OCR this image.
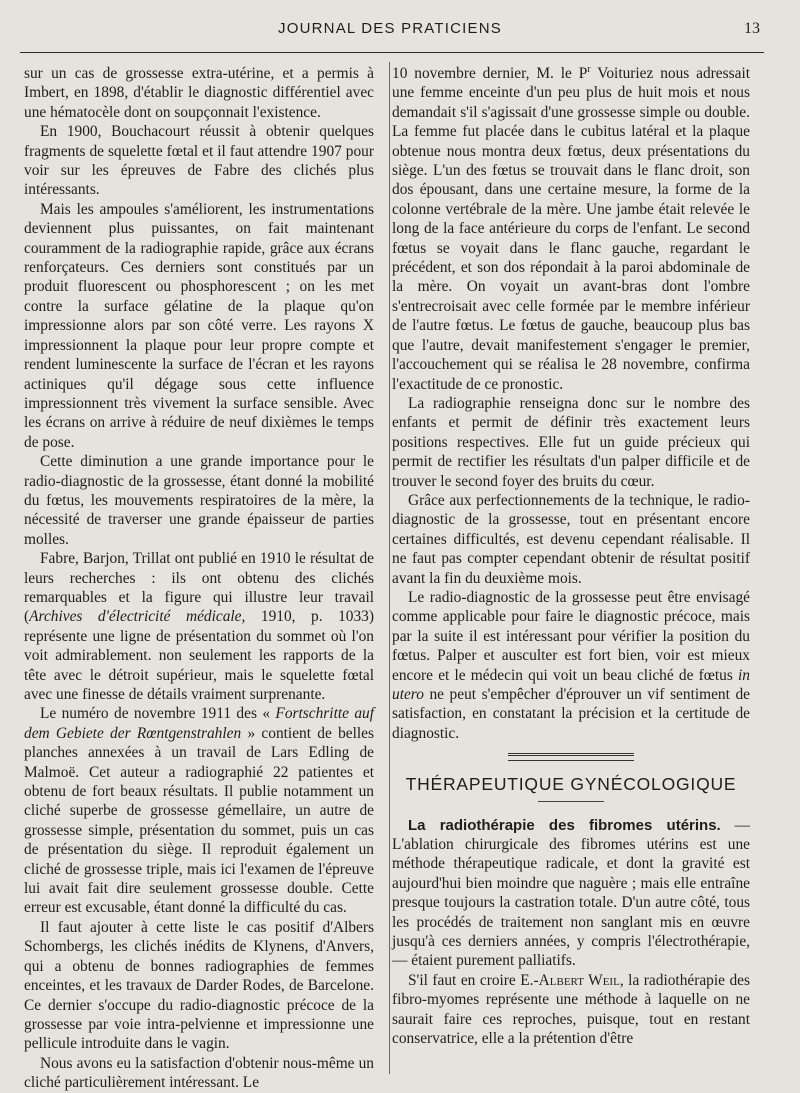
JOURNAL DES PRATICIENS	13

sur un cas de grossesse extra-utérine, et a permis à Imbert, en 1898, d'établir le diagnostic différentiel avec une hématocèle dont on soupçonnait l'existence.

En 1900, Bouchacourt réussit à obtenir quelques fragments de squelette fœtal et il faut attendre 1907 pour voir sur les épreuves de Fabre des clichés plus intéressants.

Mais les ampoules s'améliorent, les instrumentations deviennent plus puissantes, on fait maintenant couramment de la radiographie rapide, grâce aux écrans renforçateurs. Ces derniers sont constitués par un produit fluorescent ou phosphorescent ; on les met contre la surface gélatine de la plaque qu'on impressionne alors par son côté verre. Les rayons X impressionnent la plaque pour leur propre compte et rendent luminescente la surface de l'écran et les rayons actiniques qu'il dégage sous cette influence impressionnent très vivement la surface sensible. Avec les écrans on arrive à réduire de neuf dixièmes le temps de pose.

Cette diminution a une grande importance pour le radio-diagnostic de la grossesse, étant donné la mobilité du fœtus, les mouvements respiratoires de la mère, la nécessité de traverser une grande épaisseur de parties molles.

Fabre, Barjon, Trillat ont publié en 1910 le résultat de leurs recherches : ils ont obtenu des clichés remarquables et la figure qui illustre leur travail (Archives d'électricité médicale, 1910, p. 1033) représente une ligne de présentation du sommet où l'on voit admirablement. non seulement les rapports de la tête avec le détroit supérieur, mais le squelette fœtal avec une finesse de détails vraiment surprenante.

Le numéro de novembre 1911 des « Fortschritte auf dem Gebiete der Rœntgenstrahlen » contient de belles planches annexées à un travail de Lars Edling de Malmoë. Cet auteur a radiographié 22 patientes et obtenu de fort beaux résultats. Il publie notamment un cliché superbe de grossesse gémellaire, un autre de grossesse simple, présentation du sommet, puis un cas de présentation du siège. Il reproduit également un cliché de grossesse triple, mais ici l'examen de l'épreuve lui avait fait dire seulement grossesse double. Cette erreur est excusable, étant donné la difficulté du cas.

Il faut ajouter à cette liste le cas positif d'Albers Schombergs, les clichés inédits de Klynens, d'Anvers, qui a obtenu de bonnes radiographies de femmes enceintes, et les travaux de Darder Rodes, de Barcelone. Ce dernier s'occupe du radio-diagnostic précoce de la grossesse par voie intra-pelvienne et impressionne une pellicule introduite dans le vagin.

Nous avons eu la satisfaction d'obtenir nous-même un cliché particulièrement intéressant. Le

10 novembre dernier, M. le $P^r$ Voituriez nous adressait une femme enceinte d'un peu plus de huit mois et nous demandait s'il s'agissait d'une grossesse simple ou double. La femme fut placée dans le cubitus latéral et la plaque obtenue nous montra deux fœtus, deux présentations du siège. L'un des fœtus se trouvait dans le flanc droit, son dos épousant, dans une certaine mesure, la forme de la colonne vertébrale de la mère. Une jambe était relevée le long de la face antérieure du corps de l'enfant. Le second fœtus se voyait dans le flanc gauche, regardant le précédent, et son dos répondait à la paroi abdominale de la mère. On voyait un avant-bras dont l'ombre s'entrecroisait avec celle formée par le membre inférieur de l'autre fœtus. Le fœtus de gauche, beaucoup plus bas que l'autre, devait manifestement s'engager le premier, l'accouchement qui se réalisa le 28 novembre, confirma l'exactitude de ce pronostic.

La radiographie renseigna donc sur le nombre des enfants et permit de définir très exactement leurs positions respectives. Elle fut un guide précieux qui permit de rectifier les résultats d'un palper difficile et de trouver le second foyer des bruits du cœur.

Grâce aux perfectionnements de la technique, le radio-diagnostic de la grossesse, tout en présentant encore certaines difficultés, est devenu cependant réalisable. Il ne faut pas compter cependant obtenir de résultat positif avant la fin du deuxième mois.

Le radio-diagnostic de la grossesse peut être envisagé comme applicable pour faire le diagnostic précoce, mais par la suite il est intéressant pour vérifier la position du fœtus. Palper et ausculter est fort bien, voir est mieux encore et le médecin qui voit un beau cliché de fœtus in utero ne peut s'empêcher d'éprouver un vif sentiment de satisfaction, en constatant la précision et la certitude de diagnostic.

THÉRAPEUTIQUE GYNÉCOLOGIQUE

La radiothérapie des fibromes utérins. — L'ablation chirurgicale des fibromes utérins est une méthode thérapeutique radicale, et dont la gravité est aujourd'hui bien moindre que naguère ; mais elle entraîne presque toujours la castration totale. D'un autre côté, tous les procédés de traitement non sanglant mis en œuvre jusqu'à ces derniers années, y compris l'électrothérapie, — étaient purement palliatifs.

S'il faut en croire E.-Albert Weil, la radiothérapie des fibro-myomes représente une méthode à laquelle on ne saurait faire ces reproches, puisque, tout en restant conservatrice, elle a la prétention d'être
